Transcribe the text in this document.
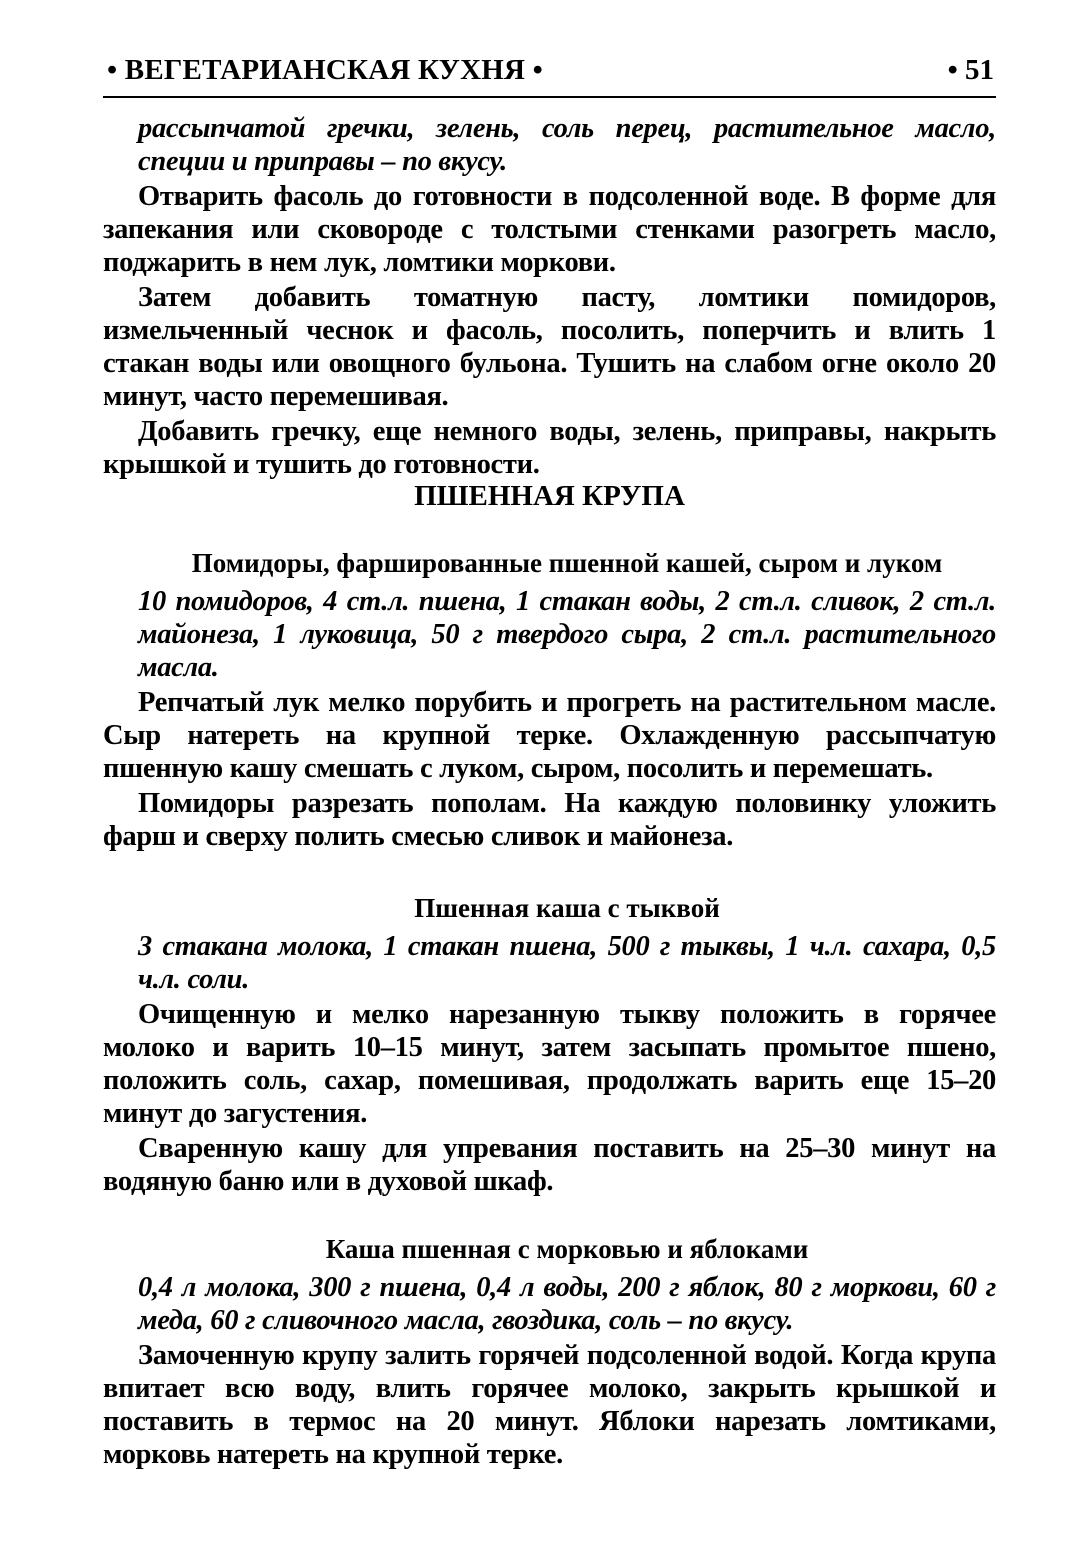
• ВЕГЕТАРИАНСКАЯ КУХНЯ •	• 51

рассыпчатой гречки, зелень, соль перец, растительное масло, специи и приправы – по вкусу.

Отварить фасоль до готовности в подсоленной воде. В форме для запекания или сковороде с толстыми стенками разогреть масло, поджарить в нем лук, ломтики моркови.

Затем добавить томатную пасту, ломтики помидоров, измельченный чеснок и фасоль, посолить, поперчить и влить 1 стакан воды или овощного бульона. Тушить на слабом огне около 20 минут, часто перемешивая.

Добавить гречку, еще немного воды, зелень, приправы, накрыть крышкой и тушить до готовности.

ПШЕННАЯ КРУПА
Помидоры, фаршированные пшенной кашей, сыром и луком

10 помидоров, 4 ст.л. пшена, 1 стакан воды, 2 ст.л. сливок, 2 ст.л. майонеза, 1 луковица, 50 г твердого сыра, 2 ст.л. растительного масла.

Репчатый лук мелко порубить и прогреть на растительном масле. Сыр натереть на крупной терке. Охлажденную рассыпчатую пшенную кашу смешать с луком, сыром, посолить и перемешать.

Помидоры разрезать пополам. На каждую половинку уложить фарш и сверху полить смесью сливок и майонеза.

Пшенная каша с тыквой

3 стакана молока, 1 стакан пшена, 500 г тыквы, 1 ч.л. сахара, 0,5 ч.л. соли.

Очищенную и мелко нарезанную тыкву положить в горячее молоко и варить 10–15 минут, затем засыпать промытое пшено, положить соль, сахар, помешивая, продолжать варить еще 15–20 минут до загустения.

Сваренную кашу для упревания поставить на 25–30 минут на водяную баню или в духовой шкаф.

Каша пшенная с морковью и яблоками

0,4 л молока, 300 г пшена, 0,4 л воды, 200 г яблок, 80 г моркови, 60 г меда, 60 г сливочного масла, гвоздика, соль – по вкусу.

Замоченную крупу залить горячей подсоленной водой. Когда крупа впитает всю воду, влить горячее молоко, закрыть крышкой и поставить в термос на 20 минут. Яблоки нарезать ломтиками, морковь натереть на крупной терке.
